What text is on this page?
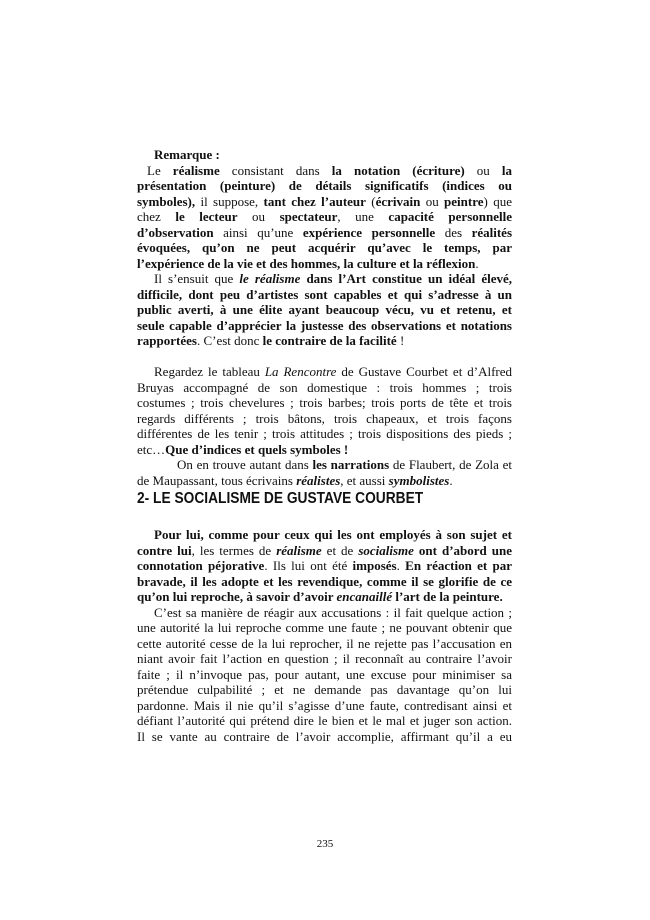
Remarque :
Le réalisme consistant dans la notation (écriture) ou la
présentation (peinture) de détails significatifs (indices ou
symboles), il suppose, tant chez l’auteur (écrivain ou peintre) que
chez le lecteur ou spectateur, une capacité personnelle
d’observation ainsi qu’une expérience personnelle des réalités
évoquées, qu’on ne peut acquérir qu’avec le temps, par
l’expérience de la vie et des hommes, la culture et la réflexion.
Il s’ensuit que le réalisme dans l’Art constitue un idéal élevé,
difficile, dont peu d’artistes sont capables et qui s’adresse à un
public averti, à une élite ayant beaucoup vécu, vu et retenu, et
seule capable d’apprécier la justesse des observations et notations
rapportées. C’est donc le contraire de la facilité !
Regardez le tableau La Rencontre de Gustave Courbet et d’Alfred
Bruyas accompagné de son domestique : trois hommes ; trois
costumes ; trois chevelures ; trois barbes; trois ports de tête et trois
regards différents ; trois bâtons, trois chapeaux, et trois façons
différentes de les tenir ; trois attitudes ; trois dispositions des pieds ;
etc…Que d’indices et quels symboles !
On en trouve autant dans les narrations de Flaubert, de Zola et
de Maupassant, tous écrivains réalistes, et aussi symbolistes.
2- LE SOCIALISME DE GUSTAVE COURBET
Pour lui, comme pour ceux qui les ont employés à son sujet et
contre lui, les termes de réalisme et de socialisme ont d’abord une
connotation péjorative. Ils lui ont été imposés. En réaction et par
bravade, il les adopte et les revendique, comme il se glorifie de ce
qu’on lui reproche, à savoir d’avoir encanaillé l’art de la peinture.
C’est sa manière de réagir aux accusations : il fait quelque action ;
une autorité la lui reproche comme une faute ; ne pouvant obtenir que
cette autorité cesse de la lui reprocher, il ne rejette pas l’accusation en
niant avoir fait l’action en question ; il reconnaît au contraire l’avoir
faite ; il n’invoque pas, pour autant, une excuse pour minimiser sa
prétendue culpabilité ; et ne demande pas davantage qu’on lui
pardonne. Mais il nie qu’il s’agisse d’une faute, contredisant ainsi et
défiant l’autorité qui prétend dire le bien et le mal et juger son action.
Il se vante au contraire de l’avoir accomplie, affirmant qu’il a eu
235
